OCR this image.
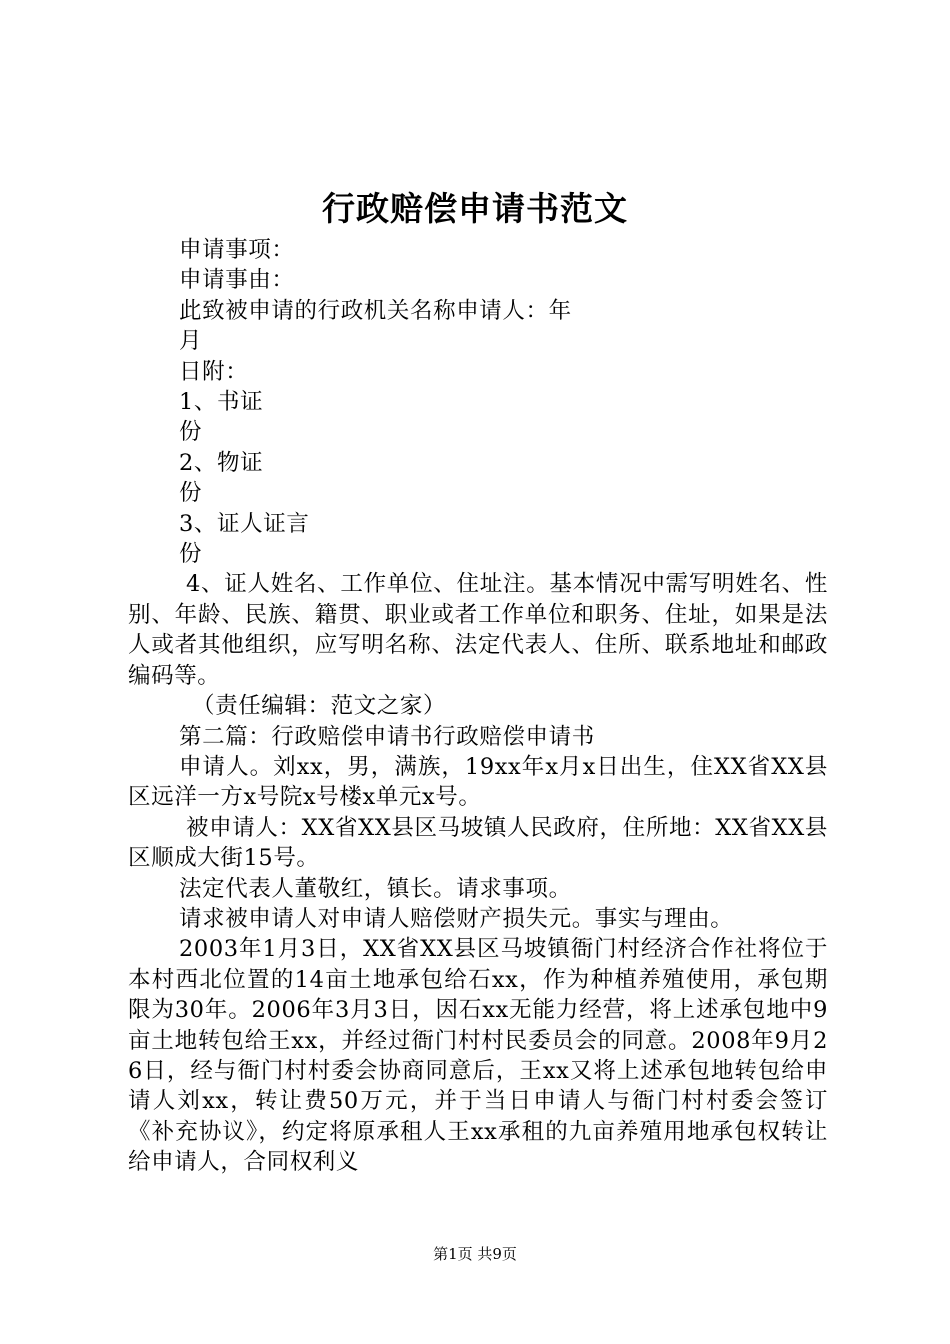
行政赔偿申请书范文

申请事项：

申请事由：

此致被申请的行政机关名称申请人：年

月

日附：

1、书证

份

2、物证

份

3、证人证言

份

4、证人姓名、工作单位、住址注。基本情况中需写明姓名、性别、年龄、民族、籍贯、职业或者工作单位和职务、住址，如果是法人或者其他组织，应写明名称、法定代表人、住所、联系地址和邮政编码等。

（责任编辑：范文之家）

第二篇：行政赔偿申请书行政赔偿申请书

申请人。刘xx，男，满族，19xx年x月x日出生，住XX省XX县区远洋一方x号院x号楼x单元x号。

被申请人：XX省XX县区马坡镇人民政府，住所地：XX省XX县区顺成大街15号。

法定代表人董敬红，镇长。请求事项。

请求被申请人对申请人赔偿财产损失元。事实与理由。

2003年1月3日，XX省XX县区马坡镇衙门村经济合作社将位于本村西北位置的14亩土地承包给石xx，作为种植养殖使用，承包期限为30年。2006年3月3日，因石xx无能力经营，将上述承包地中9亩土地转包给王xx，并经过衙门村村民委员会的同意。2008年9月26日，经与衙门村村委会协商同意后，王xx又将上述承包地转包给申请人刘xx，转让费50万元，并于当日申请人与衙门村村委会签订《补充协议》，约定将原承租人王xx承租的九亩养殖用地承包权转让给申请人，合同权利义

第1页 共9页
